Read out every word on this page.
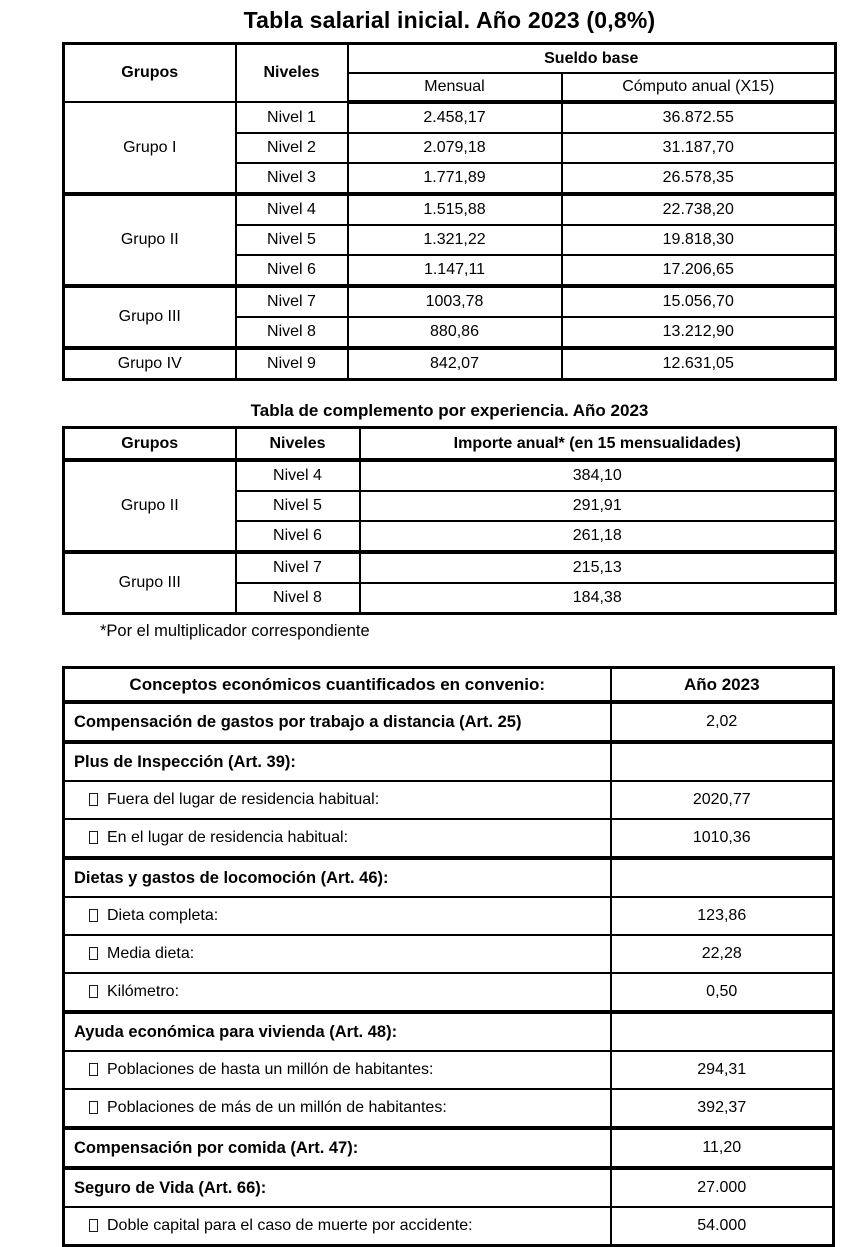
Tabla salarial inicial. Año 2023 (0,8%)
Grupos	Niveles	Sueldo base	
		Mensual	Cómputo anual (X15)
Grupo I	Nivel 1	2.458,17	36.872.55
	Nivel 2	2.079,18	31.187,70
	Nivel 3	1.771,89	26.578,35
Grupo II	Nivel 4	1.515,88	22.738,20
	Nivel 5	1.321,22	19.818,30
	Nivel 6	1.147,11	17.206,65
Grupo III	Nivel 7	1003,78	15.056,70
	Nivel 8	880,86	13.212,90
Grupo IV	Nivel 9	842,07	12.631,05
Tabla de complemento por experiencia. Año 2023
Grupos	Niveles	Importe anual* (en 15 mensualidades)
Grupo II	Nivel 4	384,10
	Nivel 5	291,91
	Nivel 6	261,18
Grupo III	Nivel 7	215,13
	Nivel 8	184,38
*Por el multiplicador correspondiente
Conceptos económicos cuantificados en convenio:	Año 2023
Compensación de gastos por trabajo a distancia (Art. 25)	2,02
Plus de Inspección (Art. 39):	
Fuera del lugar de residencia habitual:	2020,77
En el lugar de residencia habitual:	1010,36
Dietas y gastos de locomoción (Art. 46):	
Dieta completa:	123,86
Media dieta:	22,28
Kilómetro:	0,50
Ayuda económica para vivienda (Art. 48):	
Poblaciones de hasta un millón de habitantes:	294,31
Poblaciones de más de un millón de habitantes:	392,37
Compensación por comida (Art. 47):	11,20
Seguro de Vida (Art. 66):	27.000
Doble capital para el caso de muerte por accidente:	54.000
